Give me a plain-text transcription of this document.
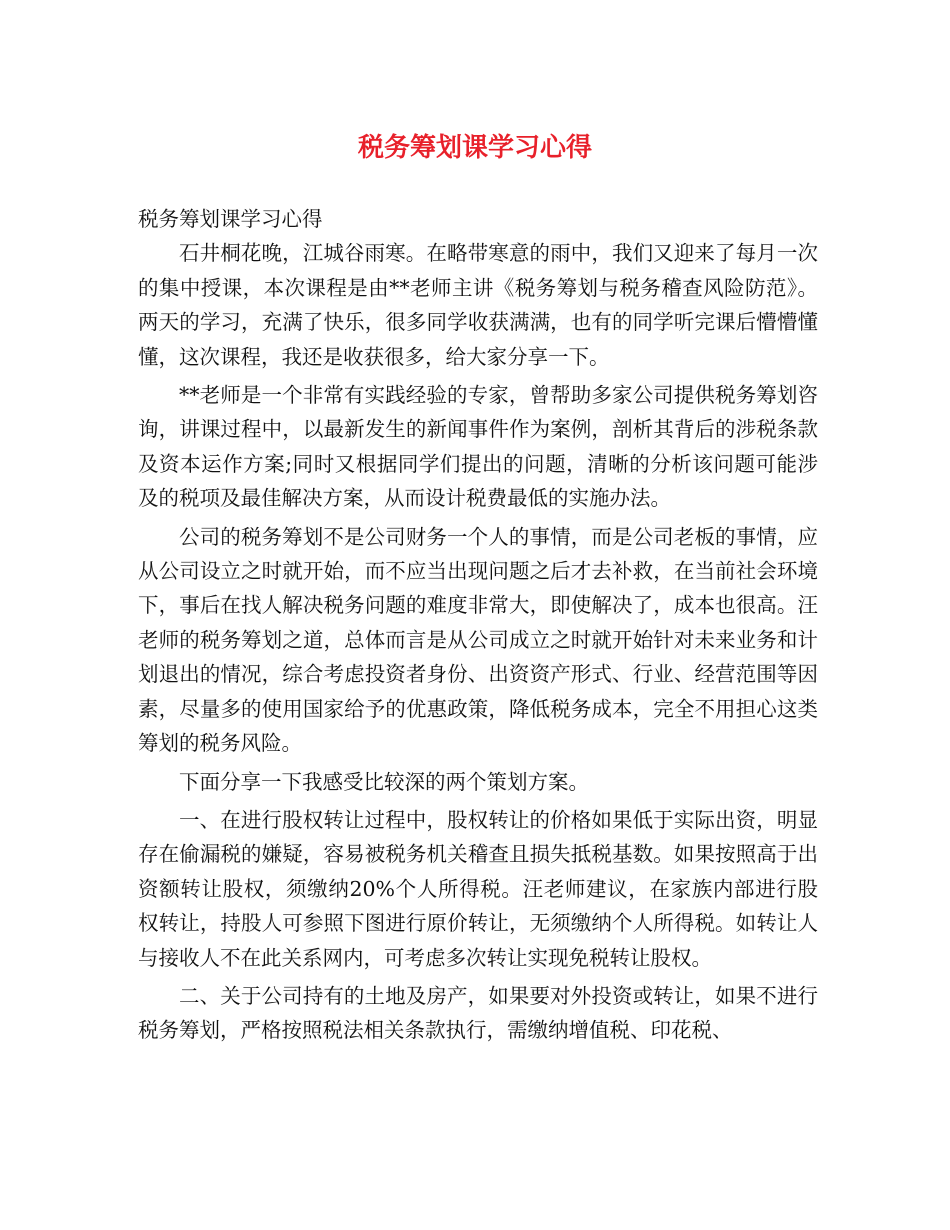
税务筹划课学习心得

税务筹划课学习心得

石井桐花晚，江城谷雨寒。在略带寒意的雨中，我们又迎来了每月一次的集中授课，本次课程是由**老师主讲《税务筹划与税务稽查风险防范》。两天的学习，充满了快乐，很多同学收获满满，也有的同学听完课后懵懵懂懂，这次课程，我还是收获很多，给大家分享一下。

**老师是一个非常有实践经验的专家，曾帮助多家公司提供税务筹划咨询，讲课过程中，以最新发生的新闻事件作为案例，剖析其背后的涉税条款及资本运作方案;同时又根据同学们提出的问题，清晰的分析该问题可能涉及的税项及最佳解决方案，从而设计税费最低的实施办法。

公司的税务筹划不是公司财务一个人的事情，而是公司老板的事情，应从公司设立之时就开始，而不应当出现问题之后才去补救，在当前社会环境下，事后在找人解决税务问题的难度非常大，即使解决了，成本也很高。汪老师的税务筹划之道，总体而言是从公司成立之时就开始针对未来业务和计划退出的情况，综合考虑投资者身份、出资资产形式、行业、经营范围等因素，尽量多的使用国家给予的优惠政策，降低税务成本，完全不用担心这类筹划的税务风险。

下面分享一下我感受比较深的两个策划方案。

一、在进行股权转让过程中，股权转让的价格如果低于实际出资，明显存在偷漏税的嫌疑，容易被税务机关稽查且损失抵税基数。如果按照高于出资额转让股权，须缴纳20%个人所得税。汪老师建议，在家族内部进行股权转让，持股人可参照下图进行原价转让，无须缴纳个人所得税。如转让人与接收人不在此关系网内，可考虑多次转让实现免税转让股权。

二、关于公司持有的土地及房产，如果要对外投资或转让，如果不进行税务筹划，严格按照税法相关条款执行，需缴纳增值税、印花税、
